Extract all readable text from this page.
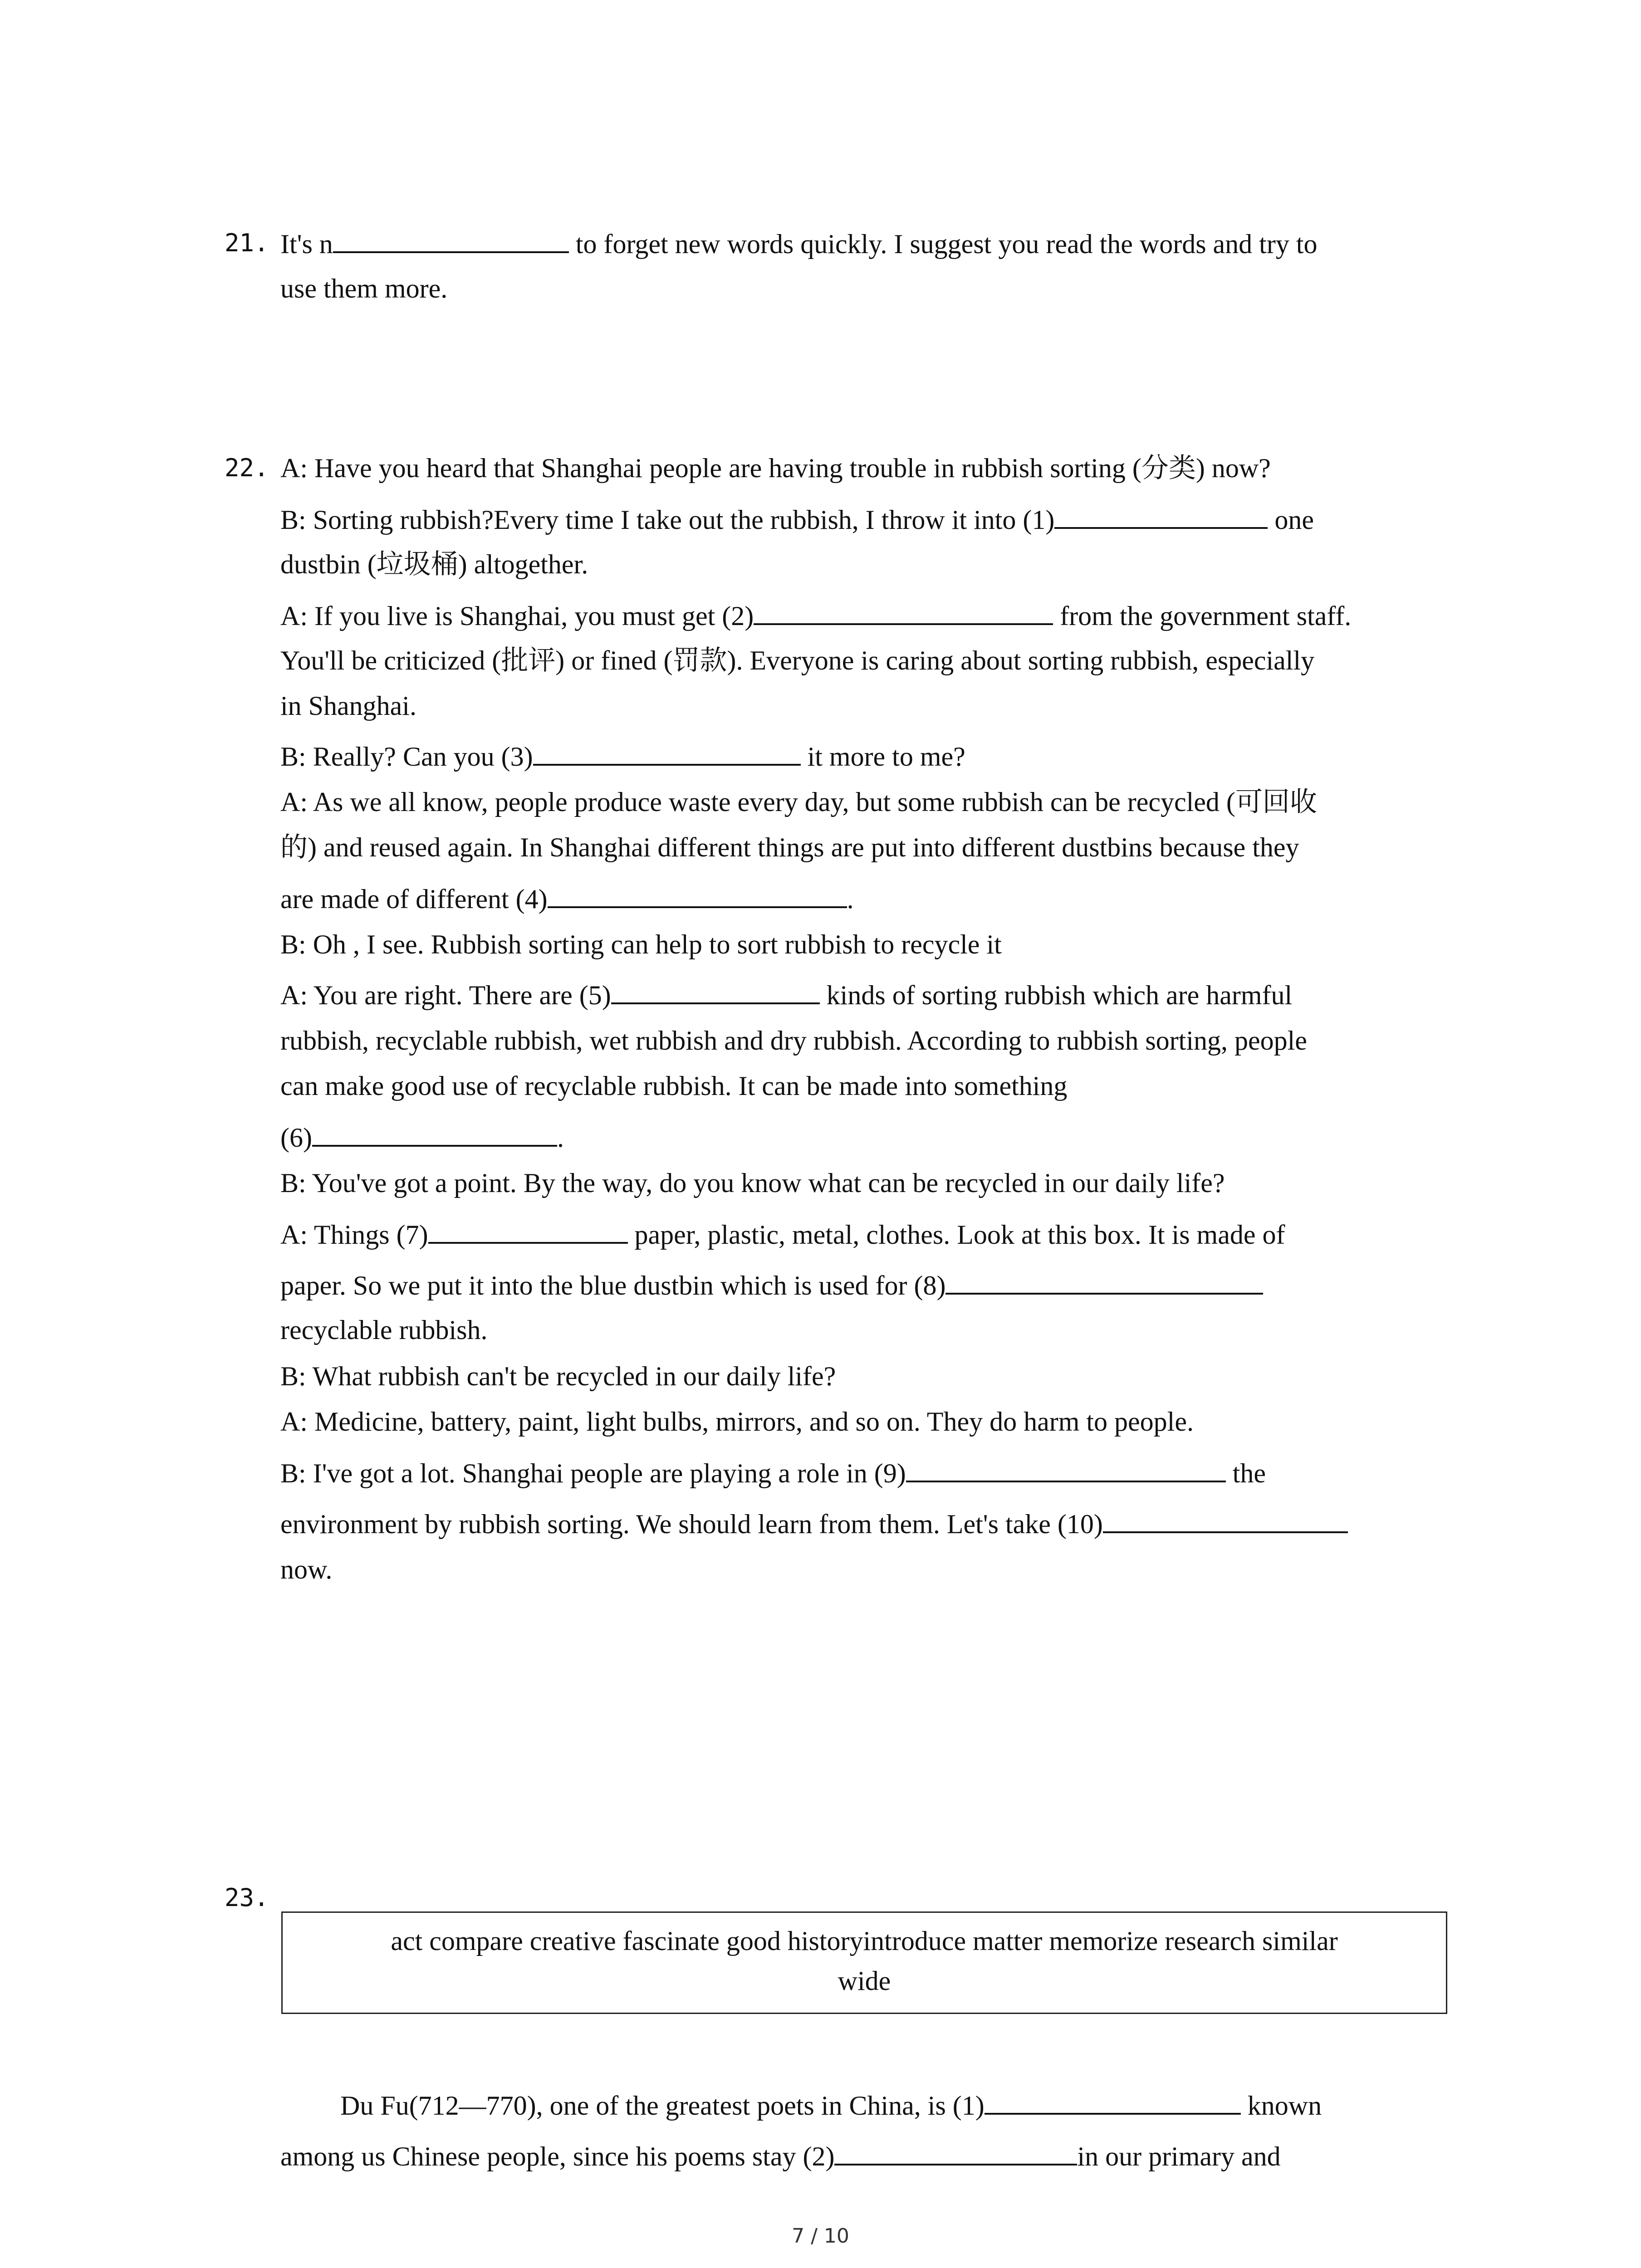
21. It's n	to forget new words quickly. I suggest you read the words and try to
use them more.
22. A: Have you heard that Shanghai people are having trouble in rubbish sorting (分类) now?
B: Sorting rubbish?Every time I take out the rubbish, I throw it into (1)	one
dustbin (垃圾桶) altogether.
A: If you live is Shanghai, you must get (2)	from the government staff.
You'll be criticized (批评) or fined (罚款). Everyone is caring about sorting rubbish, especially
in Shanghai.
B: Really? Can you (3)	it more to me?
A: As we all know, people produce waste every day, but some rubbish can be recycled (可回收
的) and reused again. In Shanghai different things are put into different dustbins because they
are made of different (4)	.
B: Oh , I see. Rubbish sorting can help to sort rubbish to recycle it
A: You are right. There are (5)	kinds of sorting rubbish which are harmful
rubbish, recyclable rubbish, wet rubbish and dry rubbish. According to rubbish sorting, people
can make good use of recyclable rubbish. It can be made into something
(6)	.
B: You've got a point. By the way, do you know what can be recycled in our daily life?
A: Things (7)	paper, plastic, metal, clothes. Look at this box. It is made of
paper. So we put it into the blue dustbin which is used for (8)
recyclable rubbish.
B: What rubbish can't be recycled in our daily life?
A: Medicine, battery, paint, light bulbs, mirrors, and so on. They do harm to people.
B: I've got a lot. Shanghai people are playing a role in (9)	the
environment by rubbish sorting. We should learn from them. Let's take (10)
now.
23.
act compare creative fascinate good historyintroduce matter memorize research similar
wide
Du Fu(712—770), one of the greatest poets in China, is (1)	known
among us Chinese people, since his poems stay (2)	in our primary and
7 / 10
